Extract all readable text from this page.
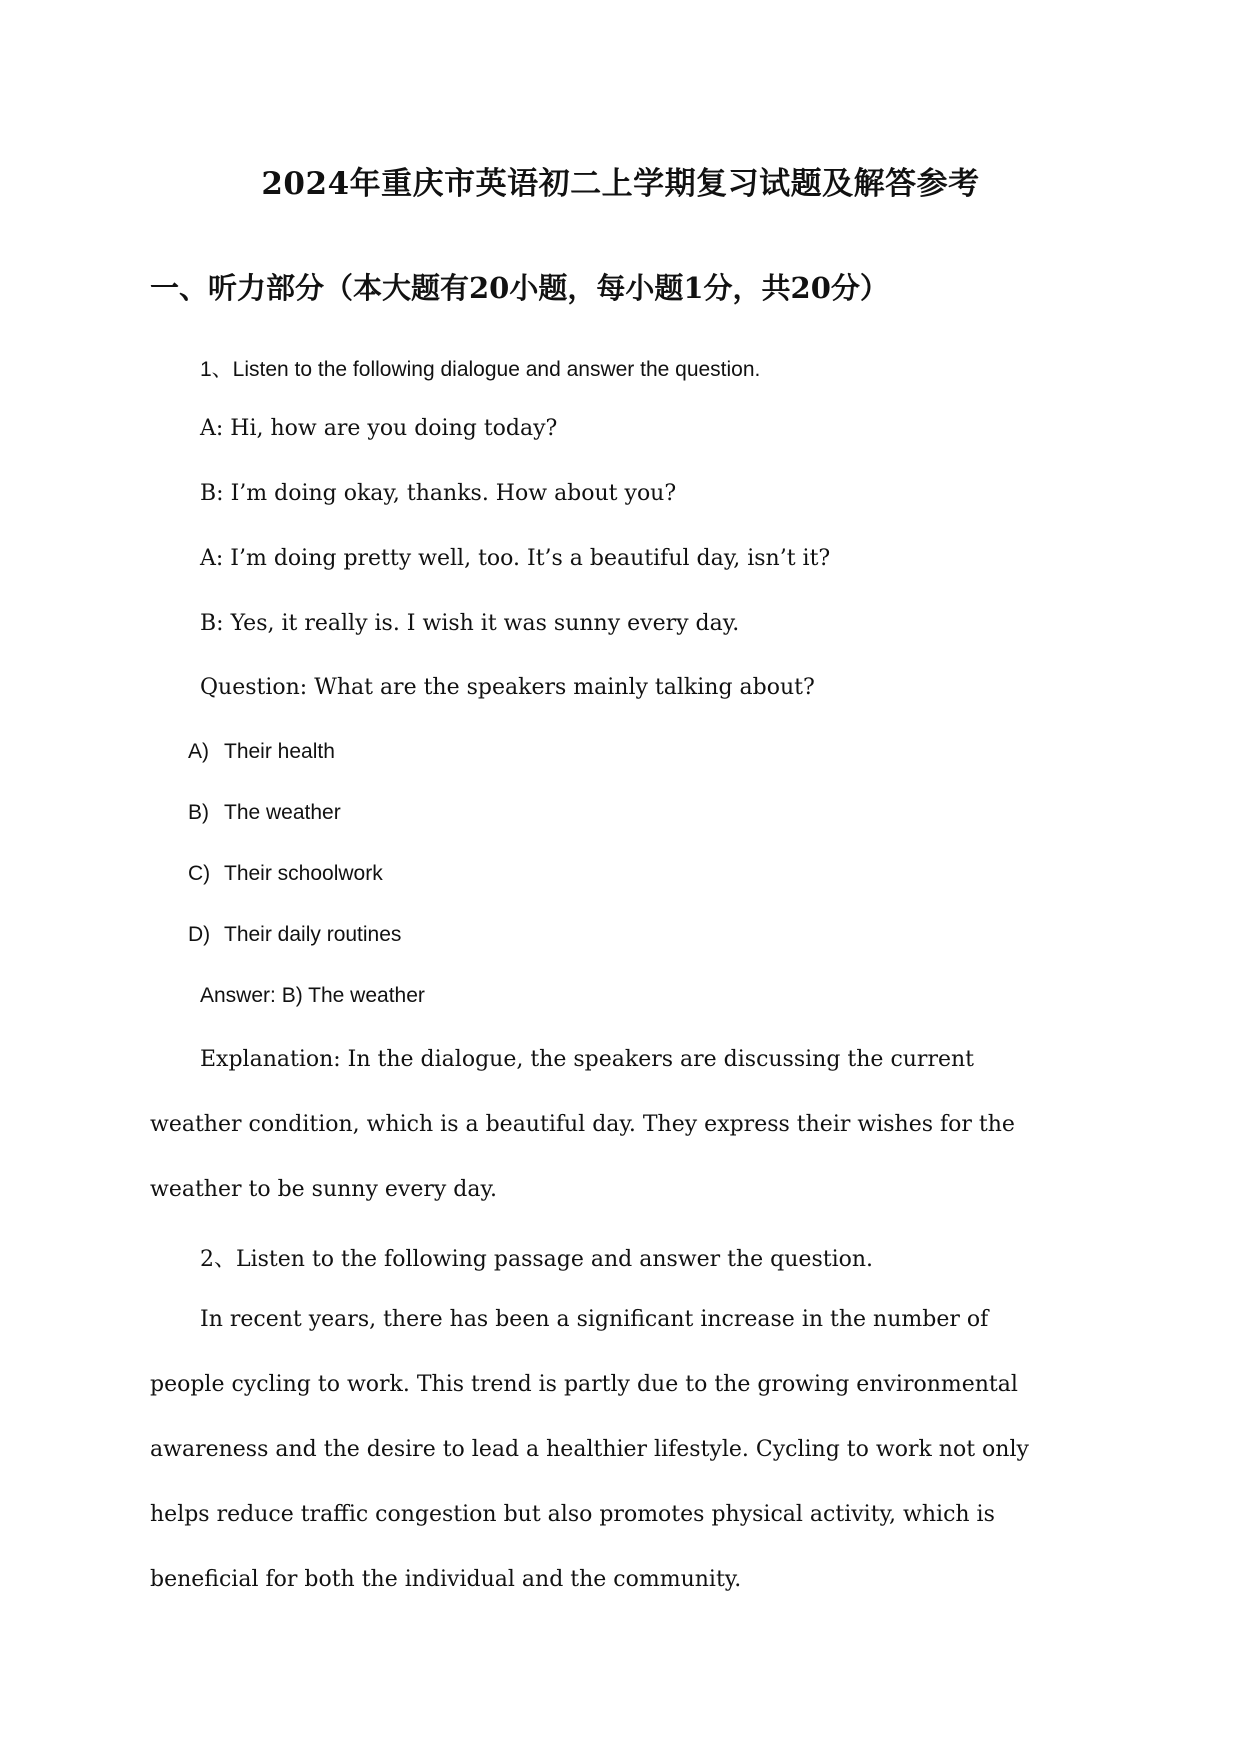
2024年重庆市英语初二上学期复习试题及解答参考
一、听力部分（本大题有20小题，每小题1分，共20分）
1、Listen to the following dialogue and answer the question.
A: Hi, how are you doing today?
B: I’m doing okay, thanks. How about you?
A: I’m doing pretty well, too. It’s a beautiful day, isn’t it?
B: Yes, it really is. I wish it was sunny every day.
Question: What are the speakers mainly talking about?
A) Their health
B) The weather
C) Their schoolwork
D) Their daily routines
Answer: B) The weather
Explanation: In the dialogue, the speakers are discussing the current
weather condition, which is a beautiful day. They express their wishes for the
weather to be sunny every day.
2、Listen to the following passage and answer the question.
In recent years, there has been a significant increase in the number of
people cycling to work. This trend is partly due to the growing environmental
awareness and the desire to lead a healthier lifestyle. Cycling to work not only
helps reduce traffic congestion but also promotes physical activity, which is
beneficial for both the individual and the community.
